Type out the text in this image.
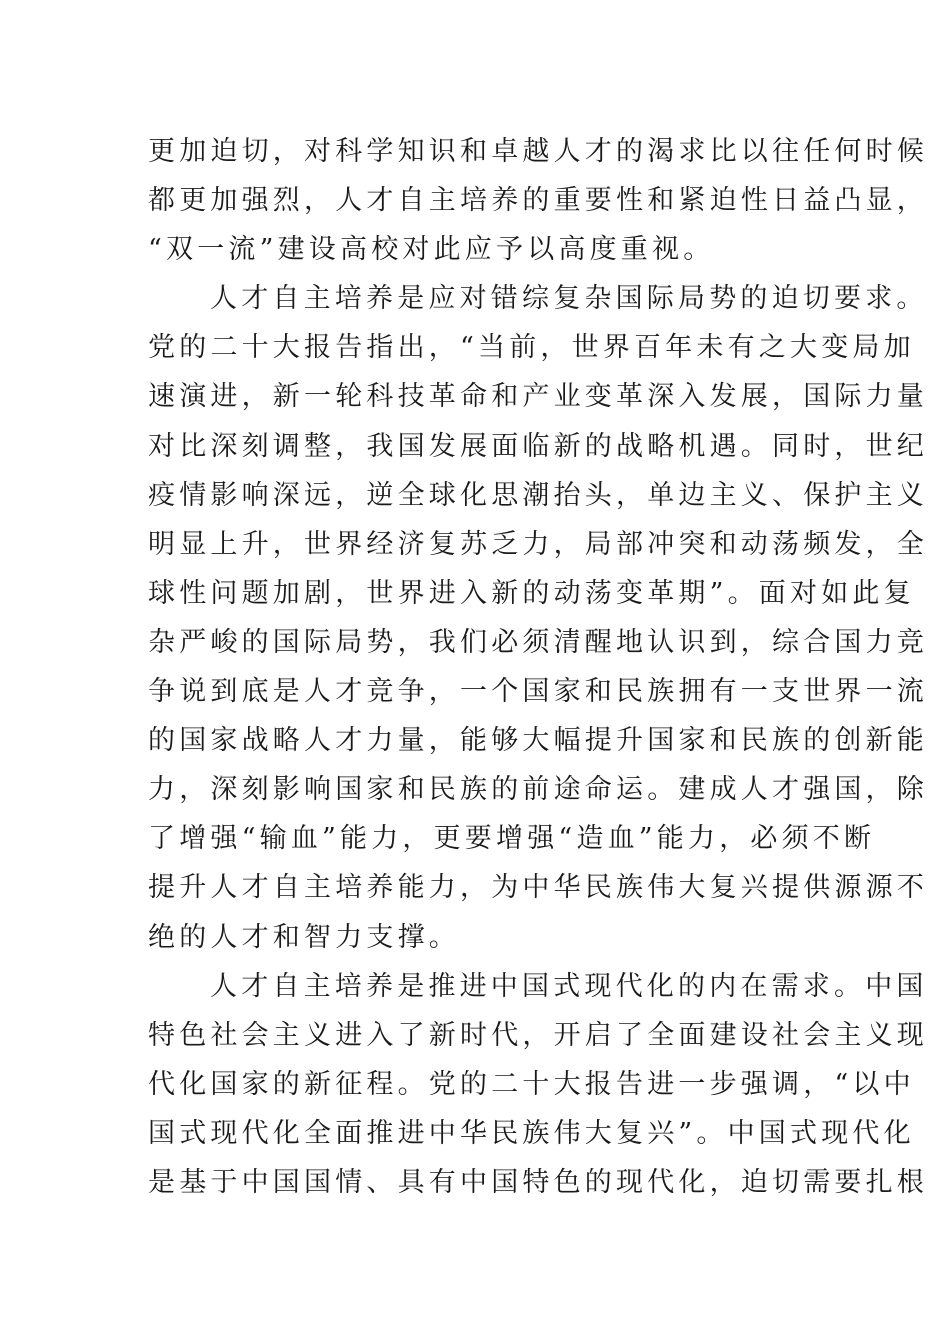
更加迫切，对科学知识和卓越人才的渴求比以往任何时候
都更加强烈，人才自主培养的重要性和紧迫性日益凸显，
“双一流”建设高校对此应予以高度重视。
人才自主培养是应对错综复杂国际局势的迫切要求。
党的二十大报告指出，“当前，世界百年未有之大变局加
速演进，新一轮科技革命和产业变革深入发展，国际力量
对比深刻调整，我国发展面临新的战略机遇。同时，世纪
疫情影响深远，逆全球化思潮抬头，单边主义、保护主义
明显上升，世界经济复苏乏力，局部冲突和动荡频发，全
球性问题加剧，世界进入新的动荡变革期”。面对如此复
杂严峻的国际局势，我们必须清醒地认识到，综合国力竞
争说到底是人才竞争，一个国家和民族拥有一支世界一流
的国家战略人才力量，能够大幅提升国家和民族的创新能
力，深刻影响国家和民族的前途命运。建成人才强国，除
了增强“输血”能力，更要增强“造血”能力，必须不断
提升人才自主培养能力，为中华民族伟大复兴提供源源不
绝的人才和智力支撑。
人才自主培养是推进中国式现代化的内在需求。中国
特色社会主义进入了新时代，开启了全面建设社会主义现
代化国家的新征程。党的二十大报告进一步强调，“以中
国式现代化全面推进中华民族伟大复兴”。中国式现代化
是基于中国国情、具有中国特色的现代化，迫切需要扎根
